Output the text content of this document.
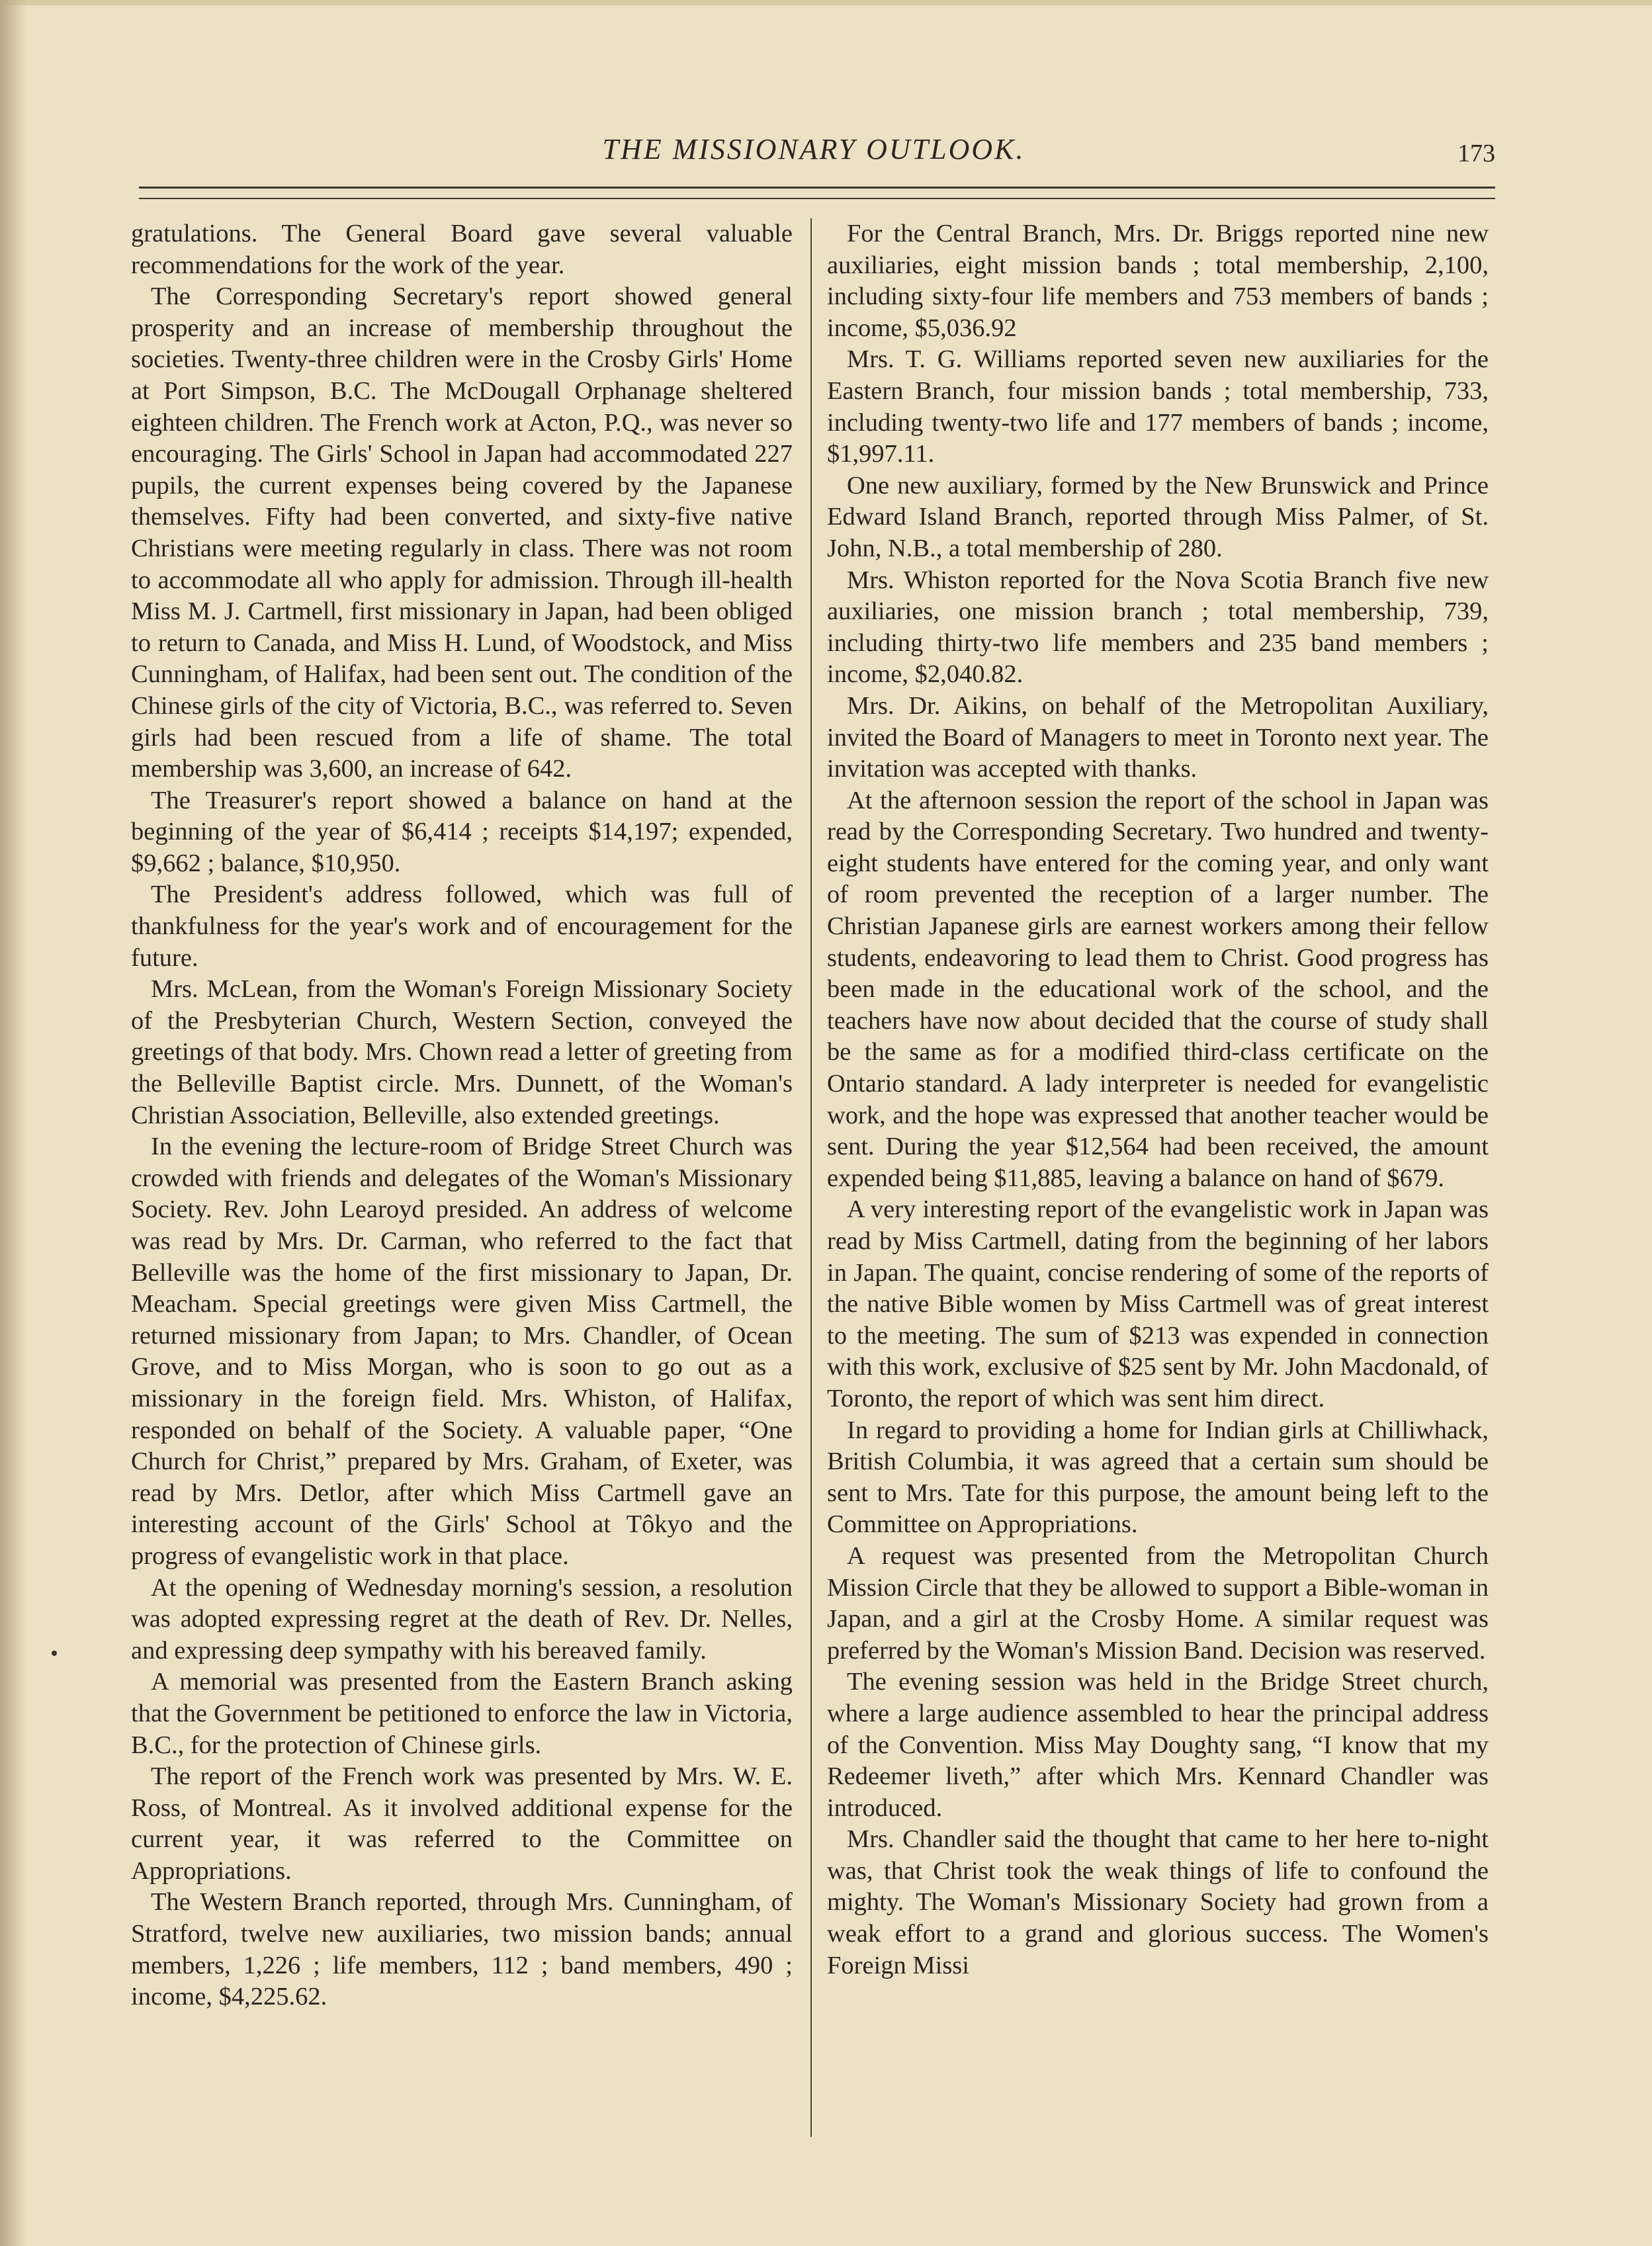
THE MISSIONARY OUTLOOK.	173

gratulations. The General Board gave several valuable recommendations for the work of the year.

The Corresponding Secretary's report showed general prosperity and an increase of membership throughout the societies. Twenty-three children were in the Crosby Girls' Home at Port Simpson, B.C. The McDougall Orphanage sheltered eighteen children. The French work at Acton, P.Q., was never so encouraging. The Girls' School in Japan had accommodated 227 pupils, the current expenses being covered by the Japanese themselves. Fifty had been converted, and sixty-five native Christians were meeting regularly in class. There was not room to accommodate all who apply for admission. Through ill-health Miss M. J. Cartmell, first missionary in Japan, had been obliged to return to Canada, and Miss H. Lund, of Woodstock, and Miss Cunningham, of Halifax, had been sent out. The condition of the Chinese girls of the city of Victoria, B.C., was referred to. Seven girls had been rescued from a life of shame. The total membership was 3,600, an increase of 642.

The Treasurer's report showed a balance on hand at the beginning of the year of $6,414 ; receipts $14,197; expended, $9,662 ; balance, $10,950.

The President's address followed, which was full of thankfulness for the year's work and of encouragement for the future.

Mrs. McLean, from the Woman's Foreign Missionary Society of the Presbyterian Church, Western Section, conveyed the greetings of that body. Mrs. Chown read a letter of greeting from the Belleville Baptist circle. Mrs. Dunnett, of the Woman's Christian Association, Belleville, also extended greetings.

In the evening the lecture-room of Bridge Street Church was crowded with friends and delegates of the Woman's Missionary Society. Rev. John Learoyd presided. An address of welcome was read by Mrs. Dr. Carman, who referred to the fact that Belleville was the home of the first missionary to Japan, Dr. Meacham. Special greetings were given Miss Cartmell, the returned missionary from Japan; to Mrs. Chandler, of Ocean Grove, and to Miss Morgan, who is soon to go out as a missionary in the foreign field. Mrs. Whiston, of Halifax, responded on behalf of the Society. A valuable paper, “One Church for Christ,” prepared by Mrs. Graham, of Exeter, was read by Mrs. Detlor, after which Miss Cartmell gave an interesting account of the Girls' School at Tôkyo and the progress of evangelistic work in that place.

At the opening of Wednesday morning's session, a resolution was adopted expressing regret at the death of Rev. Dr. Nelles, and expressing deep sympathy with his bereaved family.

A memorial was presented from the Eastern Branch asking that the Government be petitioned to enforce the law in Victoria, B.C., for the protection of Chinese girls.

The report of the French work was presented by Mrs. W. E. Ross, of Montreal. As it involved additional expense for the current year, it was referred to the Committee on Appropriations.

The Western Branch reported, through Mrs. Cunningham, of Stratford, twelve new auxiliaries, two mission bands; annual members, 1,226 ; life members, 112 ; band members, 490 ; income, $4,225.62.

For the Central Branch, Mrs. Dr. Briggs reported nine new auxiliaries, eight mission bands ; total membership, 2,100, including sixty-four life members and 753 members of bands ; income, $5,036.92

Mrs. T. G. Williams reported seven new auxiliaries for the Eastern Branch, four mission bands ; total membership, 733, including twenty-two life and 177 members of bands ; income, $1,997.11.

One new auxiliary, formed by the New Brunswick and Prince Edward Island Branch, reported through Miss Palmer, of St. John, N.B., a total membership of 280.

Mrs. Whiston reported for the Nova Scotia Branch five new auxiliaries, one mission branch ; total membership, 739, including thirty-two life members and 235 band members ; income, $2,040.82.

Mrs. Dr. Aikins, on behalf of the Metropolitan Auxiliary, invited the Board of Managers to meet in Toronto next year. The invitation was accepted with thanks.

At the afternoon session the report of the school in Japan was read by the Corresponding Secretary. Two hundred and twenty-eight students have entered for the coming year, and only want of room prevented the reception of a larger number. The Christian Japanese girls are earnest workers among their fellow students, endeavoring to lead them to Christ. Good progress has been made in the educational work of the school, and the teachers have now about decided that the course of study shall be the same as for a modified third-class certificate on the Ontario standard. A lady interpreter is needed for evangelistic work, and the hope was expressed that another teacher would be sent. During the year $12,564 had been received, the amount expended being $11,885, leaving a balance on hand of $679.

A very interesting report of the evangelistic work in Japan was read by Miss Cartmell, dating from the beginning of her labors in Japan. The quaint, concise rendering of some of the reports of the native Bible women by Miss Cartmell was of great interest to the meeting. The sum of $213 was expended in connection with this work, exclusive of $25 sent by Mr. John Macdonald, of Toronto, the report of which was sent him direct.

In regard to providing a home for Indian girls at Chilliwhack, British Columbia, it was agreed that a certain sum should be sent to Mrs. Tate for this purpose, the amount being left to the Committee on Appropriations.

A request was presented from the Metropolitan Church Mission Circle that they be allowed to support a Bible-woman in Japan, and a girl at the Crosby Home. A similar request was preferred by the Woman's Mission Band. Decision was reserved.

The evening session was held in the Bridge Street church, where a large audience assembled to hear the principal address of the Convention. Miss May Doughty sang, “I know that my Redeemer liveth,” after which Mrs. Kennard Chandler was introduced.

Mrs. Chandler said the thought that came to her here to-night was, that Christ took the weak things of life to confound the mighty. The Woman's Missionary Society had grown from a weak effort to a grand and glorious success. The Women's Foreign Missi
